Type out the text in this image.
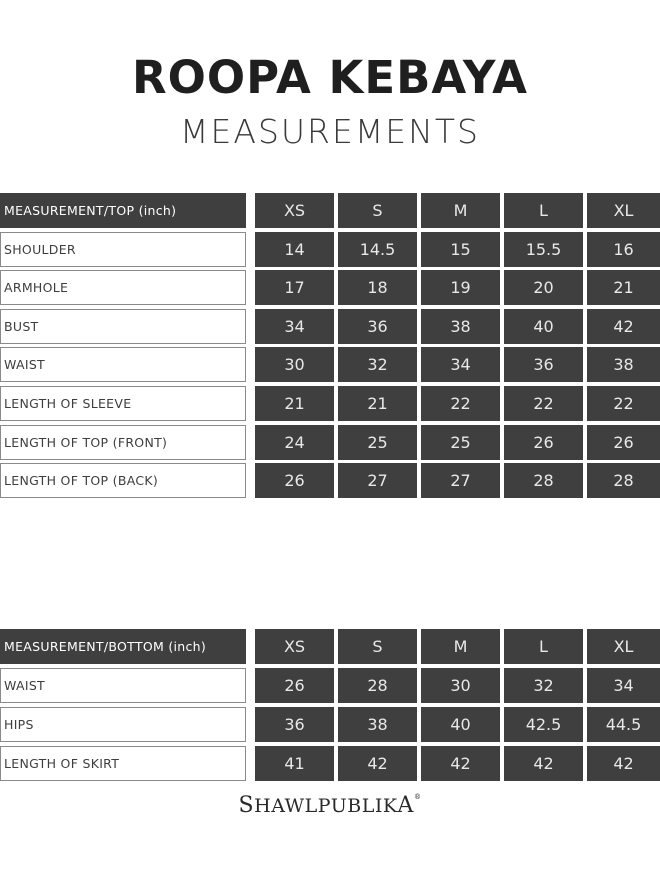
ROOPA KEBAYA
MEASUREMENTS
MEASUREMENT/TOP (inch)	XS	S	M	L	XL
SHOULDER	14	14.5	15	15.5	16
ARMHOLE	17	18	19	20	21
BUST	34	36	38	40	42
WAIST	30	32	34	36	38
LENGTH OF SLEEVE	21	21	22	22	22
LENGTH OF TOP (FRONT)	24	25	25	26	26
LENGTH OF TOP (BACK)	26	27	27	28	28
MEASUREMENT/BOTTOM (inch)	XS	S	M	L	XL
WAIST	26	28	30	32	34
HIPS	36	38	40	42.5	44.5
LENGTH OF SKIRT	41	42	42	42	42
SHAWLPUBLIKA®
